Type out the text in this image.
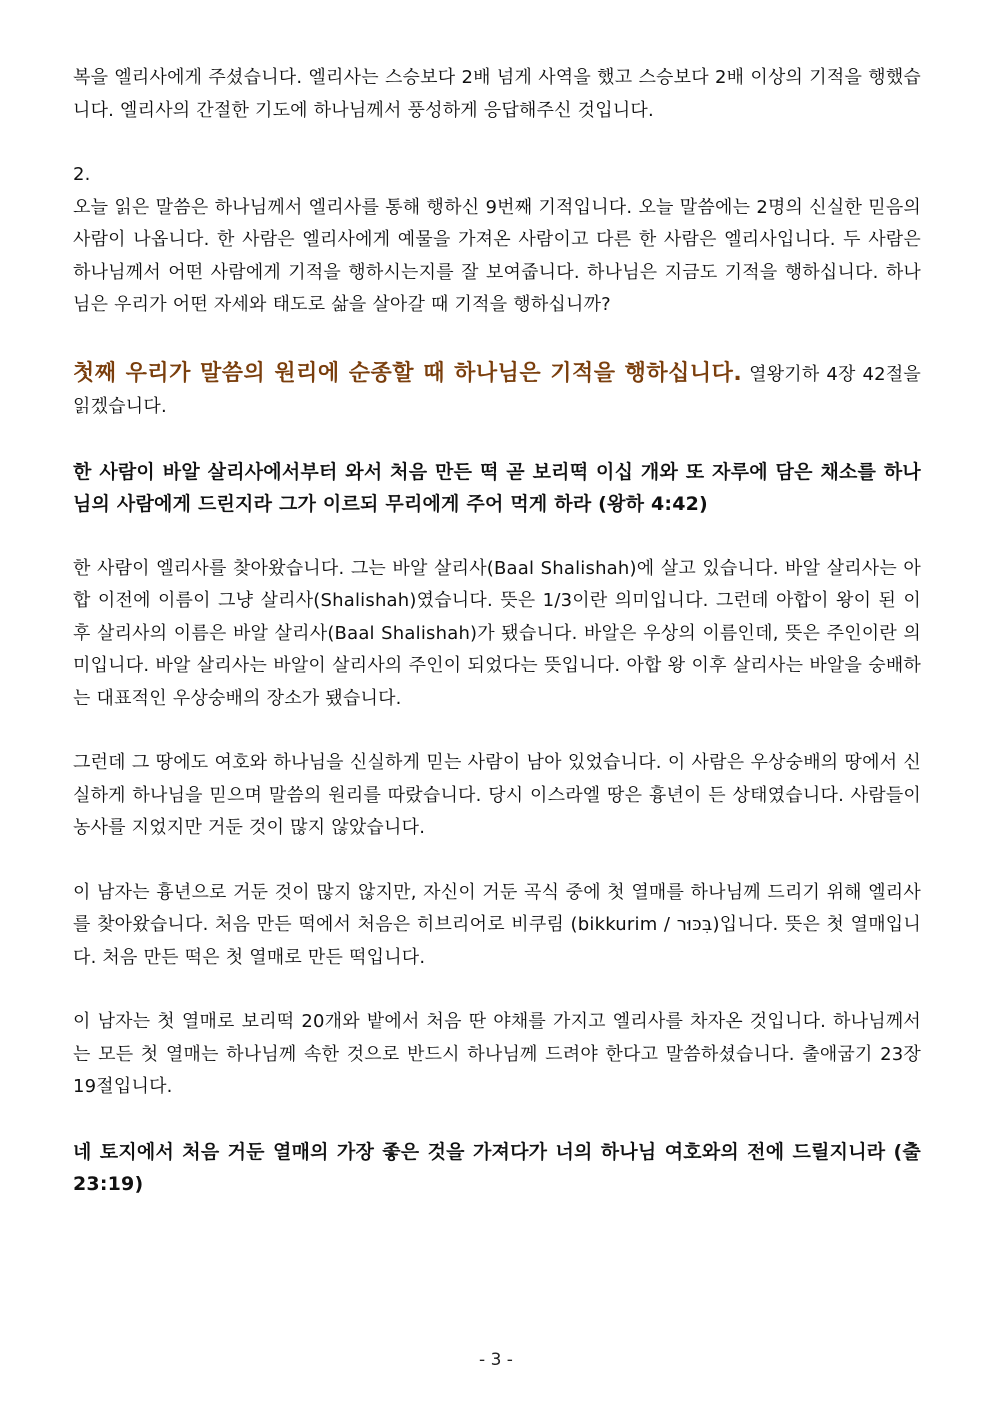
복을 엘리사에게 주셨습니다. 엘리사는 스승보다 2배 넘게 사역을 했고 스승보다 2배 이상의 기적을 행했습니다. 엘리사의 간절한 기도에 하나님께서 풍성하게 응답해주신 것입니다.

2.

오늘 읽은 말씀은 하나님께서 엘리사를 통해 행하신 9번째 기적입니다. 오늘 말씀에는 2명의 신실한 믿음의 사람이 나옵니다. 한 사람은 엘리사에게 예물을 가져온 사람이고 다른 한 사람은 엘리사입니다. 두 사람은 하나님께서 어떤 사람에게 기적을 행하시는지를 잘 보여줍니다. 하나님은 지금도 기적을 행하십니다. 하나님은 우리가 어떤 자세와 태도로 삶을 살아갈 때 기적을 행하십니까?

첫째 우리가 말씀의 원리에 순종할 때 하나님은 기적을 행하십니다. 열왕기하 4장 42절을 읽겠습니다.

한 사람이 바알 살리사에서부터 와서 처음 만든 떡 곧 보리떡 이십 개와 또 자루에 담은 채소를 하나님의 사람에게 드린지라 그가 이르되 무리에게 주어 먹게 하라 (왕하 4:42)

한 사람이 엘리사를 찾아왔습니다. 그는 바알 살리사(Baal Shalishah)에 살고 있습니다. 바알 살리사는 아합 이전에 이름이 그냥 살리사(Shalishah)였습니다. 뜻은 1/3이란 의미입니다. 그런데 아합이 왕이 된 이후 살리사의 이름은 바알 살리사(Baal Shalishah)가 됐습니다. 바알은 우상의 이름인데, 뜻은 주인이란 의미입니다. 바알 살리사는 바알이 살리사의 주인이 되었다는 뜻입니다. 아합 왕 이후 살리사는 바알을 숭배하는 대표적인 우상숭배의 장소가 됐습니다.

그런데 그 땅에도 여호와 하나님을 신실하게 믿는 사람이 남아 있었습니다. 이 사람은 우상숭배의 땅에서 신실하게 하나님을 믿으며 말씀의 원리를 따랐습니다. 당시 이스라엘 땅은 흉년이 든 상태였습니다. 사람들이 농사를 지었지만 거둔 것이 많지 않았습니다.

이 남자는 흉년으로 거둔 것이 많지 않지만, 자신이 거둔 곡식 중에 첫 열매를 하나님께 드리기 위해 엘리사를 찾아왔습니다. 처음 만든 떡에서 처음은 히브리어로 비쿠림 (bikkurim / בִּכּוּר)입니다. 뜻은 첫 열매입니다. 처음 만든 떡은 첫 열매로 만든 떡입니다.

이 남자는 첫 열매로 보리떡 20개와 밭에서 처음 딴 야채를 가지고 엘리사를 차자온 것입니다. 하나님께서는 모든 첫 열매는 하나님께 속한 것으로 반드시 하나님께 드려야 한다고 말씀하셨습니다. 출애굽기 23장 19절입니다.

네 토지에서 처음 거둔 열매의 가장 좋은 것을 가져다가 너의 하나님 여호와의 전에 드릴지니라 (출 23:19)

- 3 -
